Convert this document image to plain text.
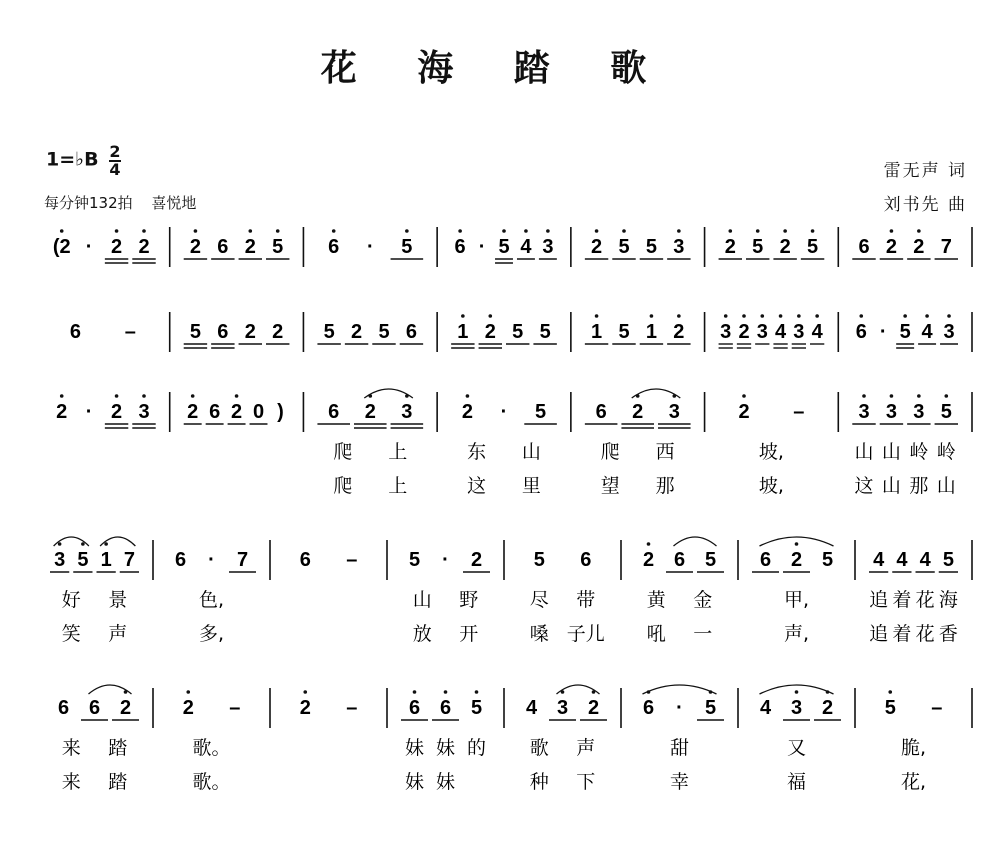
花 海 踏 歌
1=♭B $\frac{2}{4}$
每分钟132拍 喜悦地
雷无声 词
刘书先 曲
(2 · 2 2 2 6 2 5 6 · 5 6 · 5 4 3 2 5 5 3 2 5 2 5 6 2 2 7
6 –	5 6 2 2 5 2 5 6 1 2 5 5 1 5 1 2 3 2 3 4 3 4 6 · 5 4 3
2 · 2 3 2 6 2 0 ) 6 2 3
爬 上
爬 上
2 · 5
东 山
这 里
6 2 3
爬 西
望 那
2 –
坡,
坡,
3 3 3 5
山 山 岭 岭
这 山 那 山
3 5 1 7
好 景
笑 声
6 · 7
色,
多,
6 –	5 · 2
山 野
放 开
5 6
尽 带
嗓 子儿
2 6 5
黄 金
吼 一
6 2 5
甲,
声,
4 4 4 5
追 着 花 海
追 着 花 香
6 6 2
来 踏
来 踏
2 –
歌。
歌。
2 –	6 6 5
妹 妹 的
妹 妹
4 3 2
歌 声
种 下
6 · 5
甜
幸
4 3 2
又
福
5 –
脆,
花,
